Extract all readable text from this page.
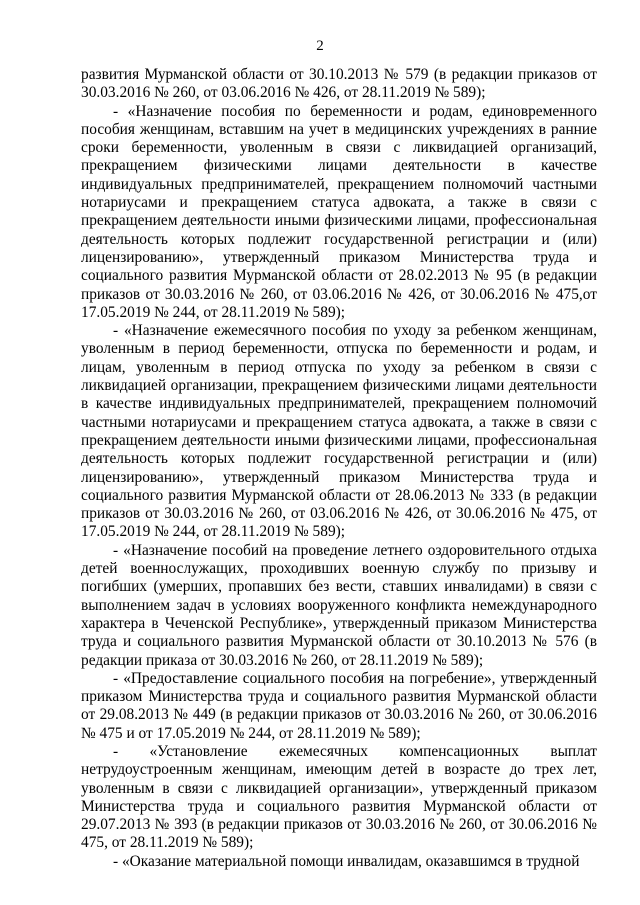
2

развития Мурманской области от 30.10.2013 № 579 (в редакции приказов от 30.03.2016 № 260, от 03.06.2016 № 426, от 28.11.2019 № 589);

- «Назначение пособия по беременности и родам, единовременного пособия женщинам, вставшим на учет в медицинских учреждениях в ранние сроки беременности, уволенным в связи с ликвидацией организаций, прекращением физическими лицами деятельности в качестве индивидуальных предпринимателей, прекращением полномочий частными нотариусами и прекращением статуса адвоката, а также в связи с прекращением деятельности иными физическими лицами, профессиональная деятельность которых подлежит государственной регистрации и (или) лицензированию», утвержденный приказом Министерства труда и социального развития Мурманской области от 28.02.2013 № 95 (в редакции приказов от 30.03.2016 № 260, от 03.06.2016 № 426, от 30.06.2016 № 475,от 17.05.2019 № 244, от 28.11.2019 № 589);

- «Назначение ежемесячного пособия по уходу за ребенком женщинам, уволенным в период беременности, отпуска по беременности и родам, и лицам, уволенным в период отпуска по уходу за ребенком в связи с ликвидацией организации, прекращением физическими лицами деятельности в качестве индивидуальных предпринимателей, прекращением полномочий частными нотариусами и прекращением статуса адвоката, а также в связи с прекращением деятельности иными физическими лицами, профессиональная деятельность которых подлежит государственной регистрации и (или) лицензированию», утвержденный приказом Министерства труда и социального развития Мурманской области от 28.06.2013 № 333 (в редакции приказов от 30.03.2016 № 260, от 03.06.2016 № 426, от 30.06.2016 № 475, от 17.05.2019 № 244, от 28.11.2019 № 589);

- «Назначение пособий на проведение летнего оздоровительного отдыха детей военнослужащих, проходивших военную службу по призыву и погибших (умерших, пропавших без вести, ставших инвалидами) в связи с выполнением задач в условиях вооруженного конфликта немеждународного характера в Чеченской Республике», утвержденный приказом Министерства труда и социального развития Мурманской области от 30.10.2013 № 576 (в редакции приказа от 30.03.2016 № 260, от 28.11.2019 № 589);

- «Предоставление социального пособия на погребение», утвержденный приказом Министерства труда и социального развития Мурманской области от 29.08.2013 № 449 (в редакции приказов от 30.03.2016 № 260, от 30.06.2016 № 475 и от 17.05.2019 № 244, от 28.11.2019 № 589);

- «Установление ежемесячных компенсационных выплат нетрудоустроенным женщинам, имеющим детей в возрасте до трех лет, уволенным в связи с ликвидацией организации», утвержденный приказом Министерства труда и социального развития Мурманской области от 29.07.2013 № 393 (в редакции приказов от 30.03.2016 № 260, от 30.06.2016 № 475, от 28.11.2019 № 589);

- «Оказание материальной помощи инвалидам, оказавшимся в трудной
